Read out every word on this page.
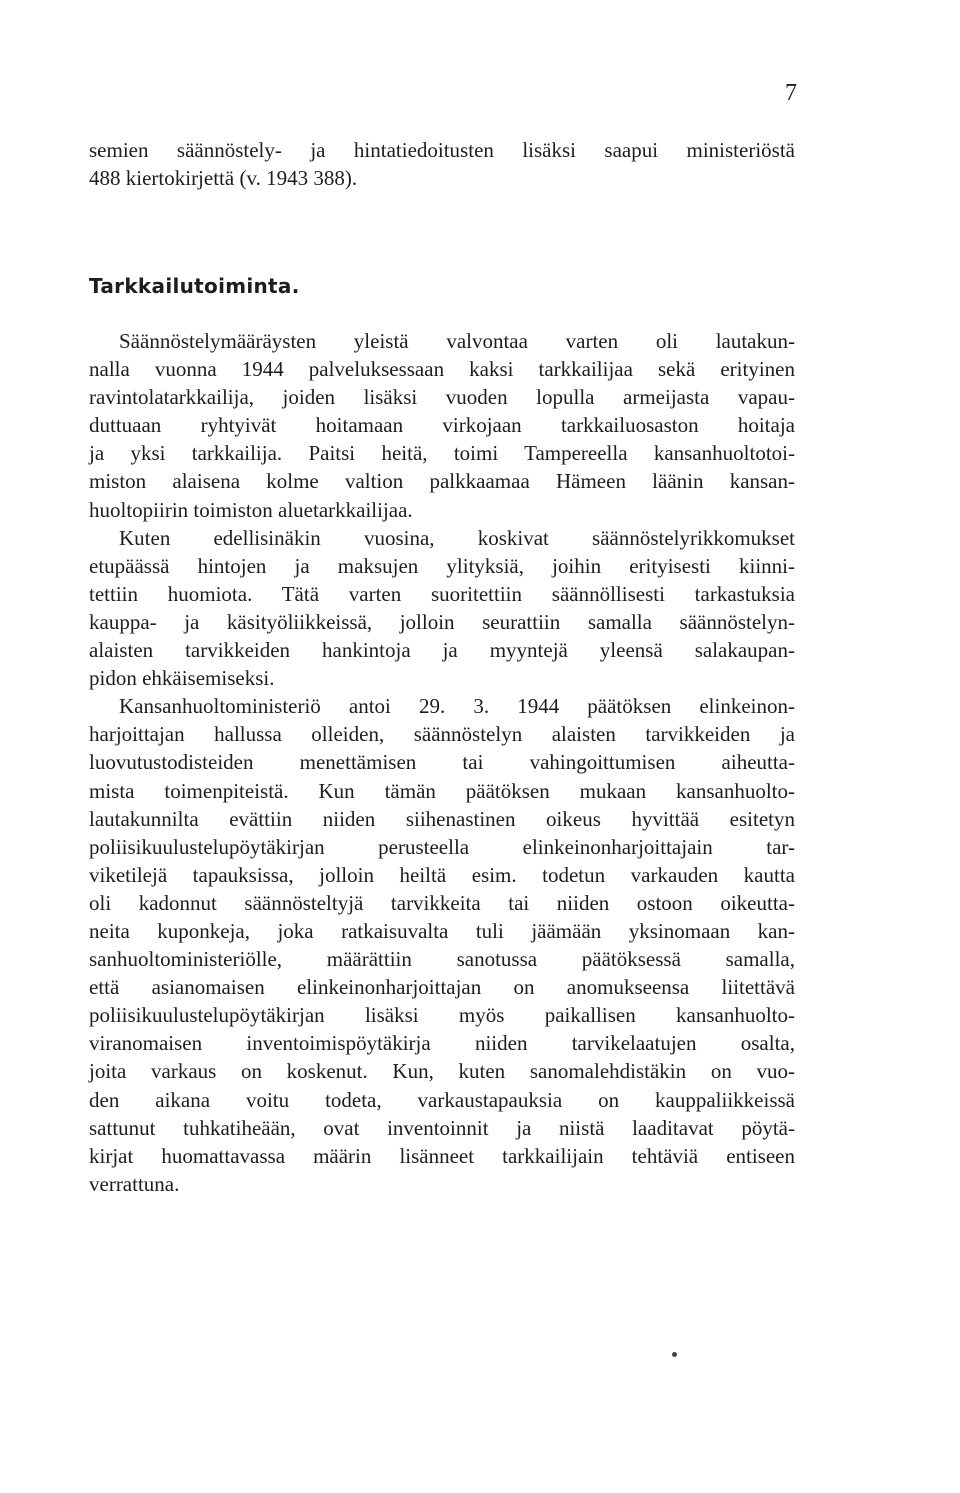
7
semien säännöstely- ja hintatiedoitusten lisäksi saapui ministeriöstä
488 kiertokirjettä (v. 1943 388).
Tarkkailutoiminta.
Säännöstelymääräysten yleistä valvontaa varten oli lautakun-
nalla vuonna 1944 palveluksessaan kaksi tarkkailijaa sekä erityinen
ravintolatarkkailija, joiden lisäksi vuoden lopulla armeijasta vapau-
duttuaan ryhtyivät hoitamaan virkojaan tarkkailuosaston hoitaja
ja yksi tarkkailija. Paitsi heitä, toimi Tampereella kansanhuoltotoi-
miston alaisena kolme valtion palkkaamaa Hämeen läänin kansan-
huoltopiirin toimiston aluetarkkailijaa.
Kuten edellisinäkin vuosina, koskivat säännöstelyrikkomukset
etupäässä hintojen ja maksujen ylityksiä, joihin erityisesti kiinni-
tettiin huomiota. Tätä varten suoritettiin säännöllisesti tarkastuksia
kauppa- ja käsityöliikkeissä, jolloin seurattiin samalla säännöstelyn-
alaisten tarvikkeiden hankintoja ja myyntejä yleensä salakaupan-
pidon ehkäisemiseksi.
Kansanhuoltoministeriö antoi 29. 3. 1944 päätöksen elinkeinon-
harjoittajan hallussa olleiden, säännöstelyn alaisten tarvikkeiden ja
luovutustodisteiden menettämisen tai vahingoittumisen aiheutta-
mista toimenpiteistä. Kun tämän päätöksen mukaan kansanhuolto-
lautakunnilta evättiin niiden siihenastinen oikeus hyvittää esitetyn
poliisikuulustelupöytäkirjan perusteella elinkeinonharjoittajain tar-
viketilejä tapauksissa, jolloin heiltä esim. todetun varkauden kautta
oli kadonnut säännösteltyjä tarvikkeita tai niiden ostoon oikeutta-
neita kuponkeja, joka ratkaisuvalta tuli jäämään yksinomaan kan-
sanhuoltoministeriölle, määrättiin sanotussa päätöksessä samalla,
että asianomaisen elinkeinonharjoittajan on anomukseensa liitettävä
poliisikuulustelupöytäkirjan lisäksi myös paikallisen kansanhuolto-
viranomaisen inventoimispöytäkirja niiden tarvikelaatujen osalta,
joita varkaus on koskenut. Kun, kuten sanomalehdistäkin on vuo-
den aikana voitu todeta, varkaustapauksia on kauppaliikkeissä
sattunut tuhkatiheään, ovat inventoinnit ja niistä laaditavat pöytä-
kirjat huomattavassa määrin lisänneet tarkkailijain tehtäviä entiseen
verrattuna.
